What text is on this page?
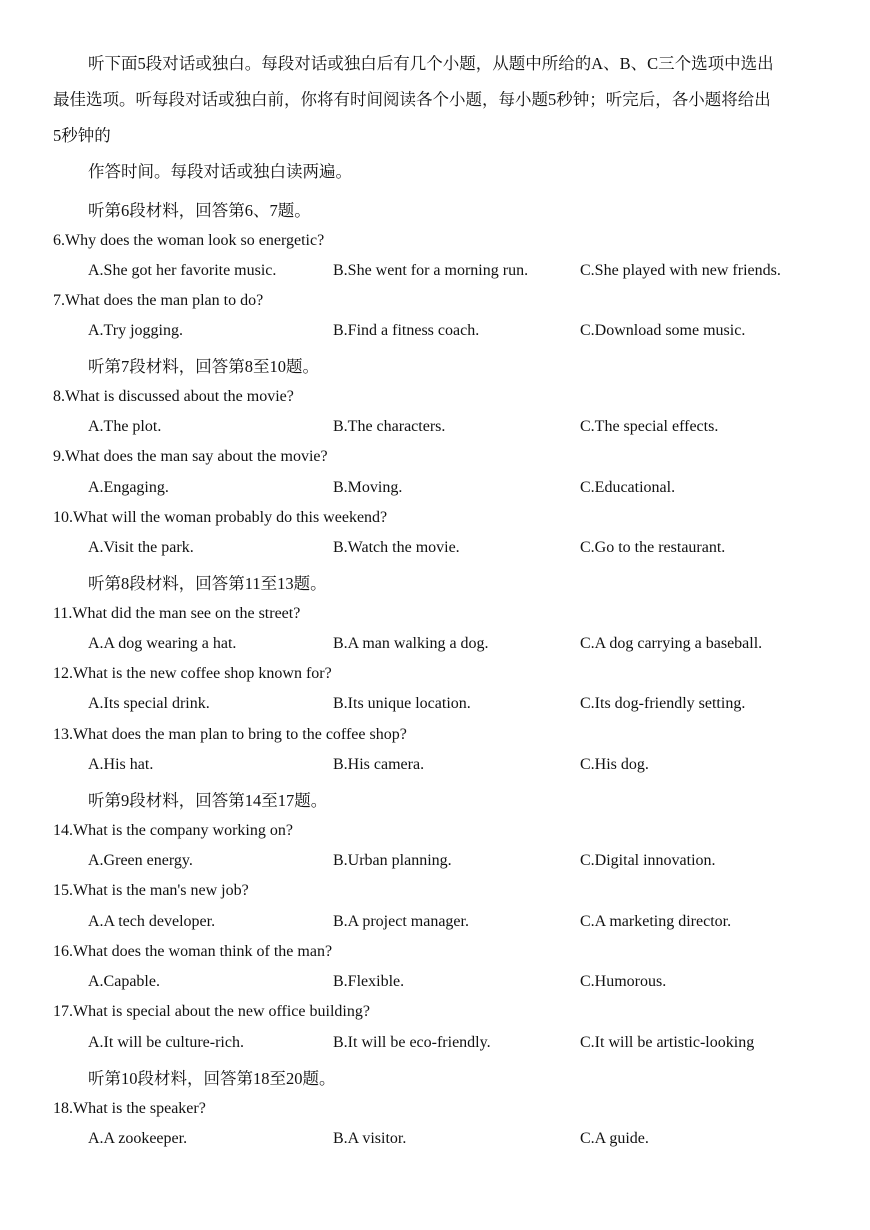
听下面5段对话或独白。每段对话或独白后有几个小题，从题中所给的A、B、C三个选项中选出

最佳选项。听每段对话或独白前，你将有时间阅读各个小题，每小题5秒钟；听完后，各小题将给出

5秒钟的

作答时间。每段对话或独白读两遍。

听第6段材料，回答第6、7题。
6.Why does the woman look so energetic?
A.She got her favorite music.	B.She went for a morning run.	C.She played with new friends.
7.What does the man plan to do?
A.Try jogging.	B.Find a fitness coach.	C.Download some music.
听第7段材料，回答第8至10题。
8.What is discussed about the movie?
A.The plot.	B.The characters.	C.The special effects.
9.What does the man say about the movie?
A.Engaging.	B.Moving.	C.Educational.
10.What will the woman probably do this weekend?
A.Visit the park.	B.Watch the movie.	C.Go to the restaurant.
听第8段材料，回答第11至13题。
11.What did the man see on the street?
A.A dog wearing a hat.	B.A man walking a dog.	C.A dog carrying a baseball.
12.What is the new coffee shop known for?
A.Its special drink.	B.Its unique location.	C.Its dog-friendly setting.
13.What does the man plan to bring to the coffee shop?
A.His hat.	B.His camera.	C.His dog.
听第9段材料，回答第14至17题。
14.What is the company working on?
A.Green energy.	B.Urban planning.	C.Digital innovation.
15.What is the man's new job?
A.A tech developer.	B.A project manager.	C.A marketing director.
16.What does the woman think of the man?
A.Capable.	B.Flexible.	C.Humorous.
17.What is special about the new office building?
A.It will be culture-rich.	B.It will be eco-friendly.	C.It will be artistic-looking
听第10段材料，回答第18至20题。
18.What is the speaker?
A.A zookeeper.	B.A visitor.	C.A guide.
